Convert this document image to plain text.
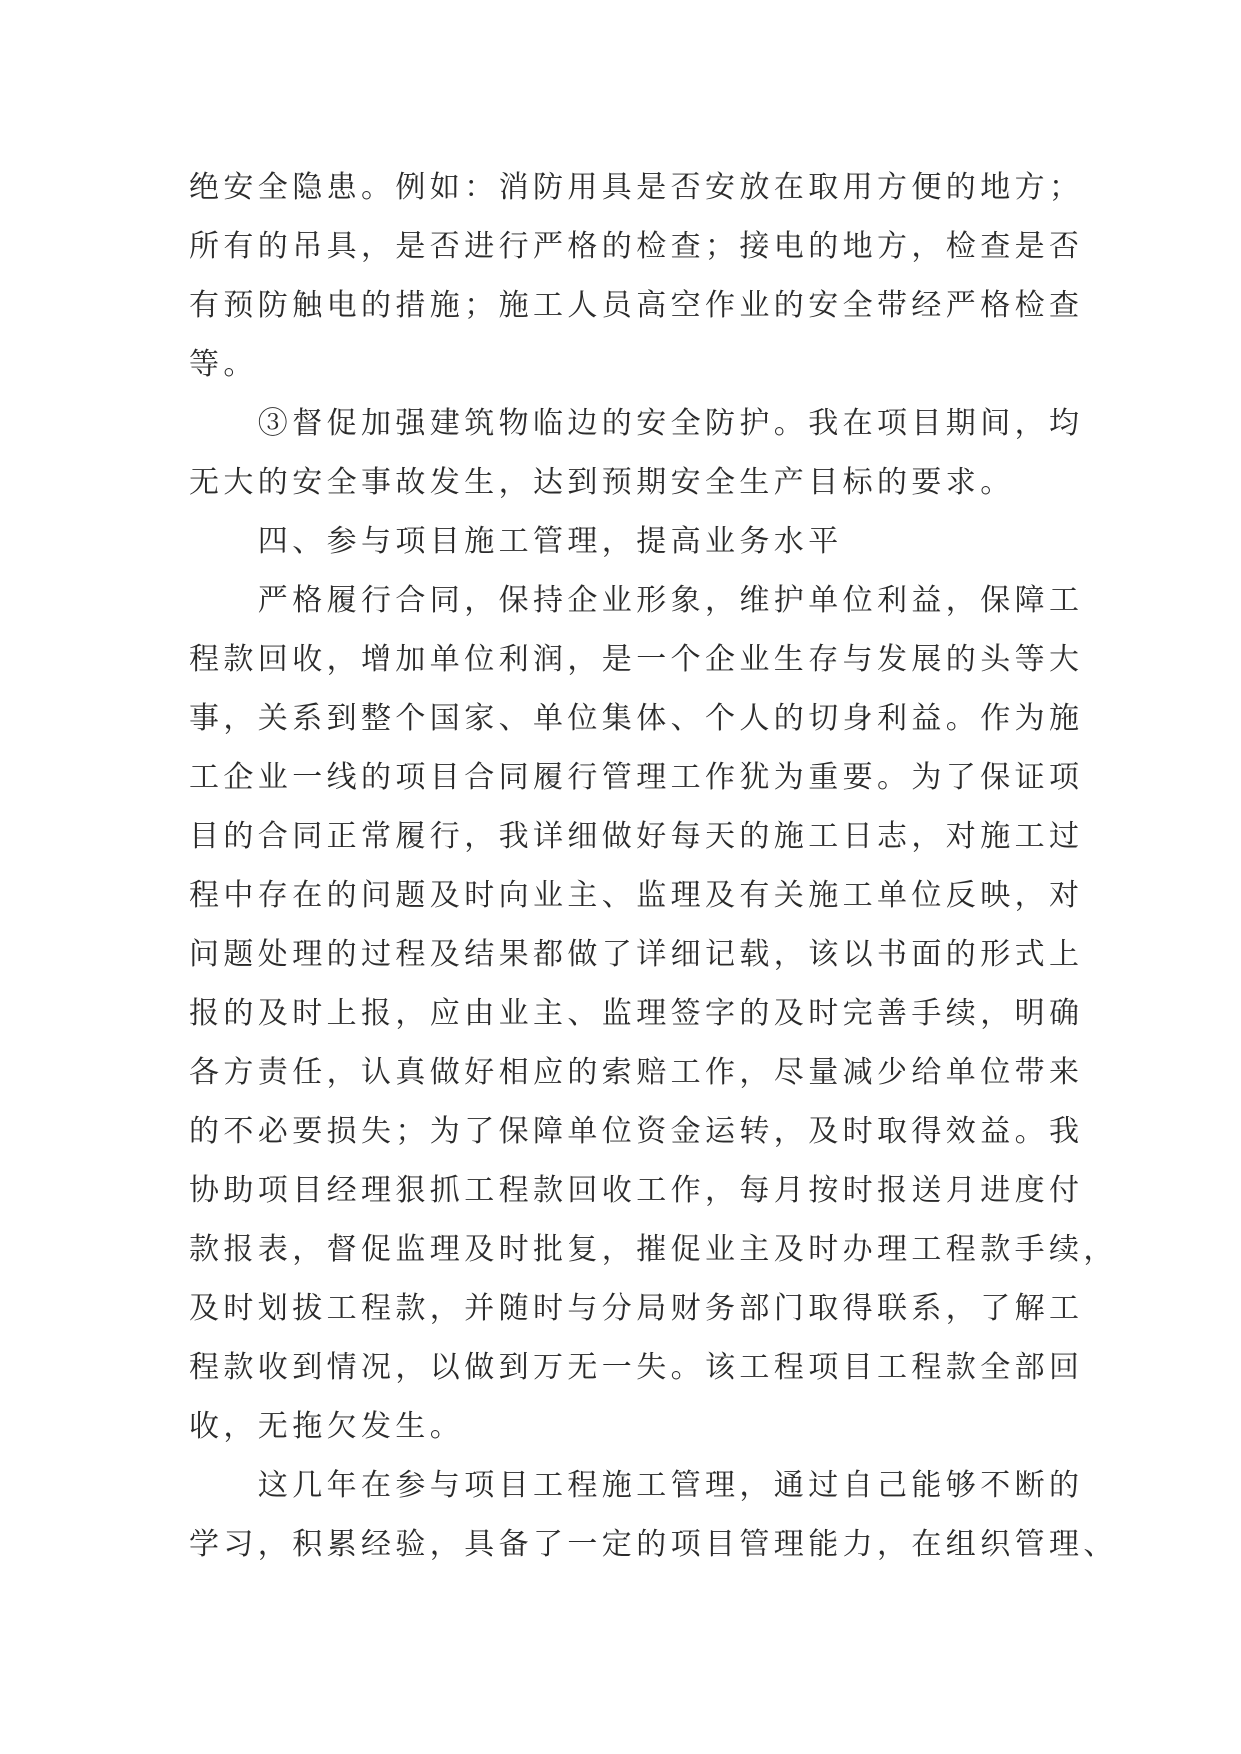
绝安全隐患。例如：消防用具是否安放在取用方便的地方；

所有的吊具，是否进行严格的检查；接电的地方，检查是否

有预防触电的措施；施工人员高空作业的安全带经严格检查

等。

　　③督促加强建筑物临边的安全防护。我在项目期间，均

无大的安全事故发生，达到预期安全生产目标的要求。

　　四、参与项目施工管理，提高业务水平

　　严格履行合同，保持企业形象，维护单位利益，保障工

程款回收，增加单位利润，是一个企业生存与发展的头等大

事，关系到整个国家、单位集体、个人的切身利益。作为施

工企业一线的项目合同履行管理工作犹为重要。为了保证项

目的合同正常履行，我详细做好每天的施工日志，对施工过

程中存在的问题及时向业主、监理及有关施工单位反映，对

问题处理的过程及结果都做了详细记载，该以书面的形式上

报的及时上报，应由业主、监理签字的及时完善手续，明确

各方责任，认真做好相应的索赔工作，尽量减少给单位带来

的不必要损失；为了保障单位资金运转，及时取得效益。我

协助项目经理狠抓工程款回收工作，每月按时报送月进度付

款报表，督促监理及时批复，摧促业主及时办理工程款手续，

及时划拔工程款，并随时与分局财务部门取得联系，了解工

程款收到情况，以做到万无一失。该工程项目工程款全部回

收，无拖欠发生。

　　这几年在参与项目工程施工管理，通过自己能够不断的

学习，积累经验，具备了一定的项目管理能力，在组织管理、
